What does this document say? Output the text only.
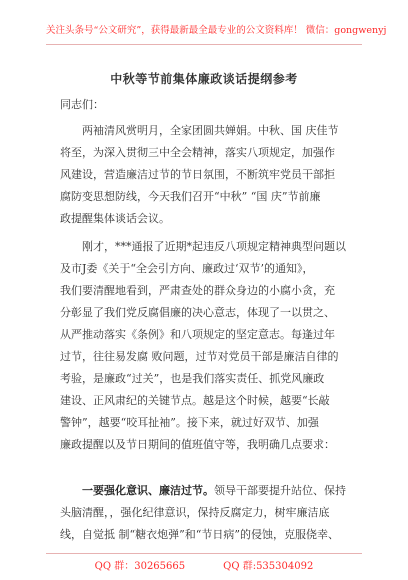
关注头条号“公文研究”，获得最新最全最专业的公文资料库！ 微信：gongwenyj
中秋等节前集体廉政谈话提纲参考
同志们：
两袖清风赏明月，全家团圆共婵娟。中秋、国 庆佳节
将至，为深入贯彻三中全会精神，落实八项规定，加强作
风建设，营造廉洁过节的节日氛围，不断筑牢党员干部拒
腐防变思想防线，今天我们召开“中秋” “国 庆”节前廉
政提醒集体谈话会议。
刚才，***通报了近期*起违反八项规定精神典型问题以
及市J委《关于“全会引方向、廉政过‘双节’的通知》，
我们要清醒地看到，严肃查处的群众身边的小腐小贪，充
分彰显了我们党反腐倡廉的决心意志，体现了一以贯之、
从严推动落实《条例》和八项规定的坚定意志。每逢过年
过节，往往易发腐 败问题，过节对党员干部是廉洁自律的
考验，是廉政“过关”，也是我们落实责任、抓党风廉政
建设、正风肃纪的关键节点。越是这个时候，越要“长敲
警钟”，越要“咬耳扯袖”。接下来，就过好双节、加强
廉政提醒以及节日期间的值班值守等，我明确几点要求：
一要强化意识、廉洁过节。领导干部要提升站位、保持
头脑清醒，，强化纪律意识，保持反腐定力，树牢廉洁底
线，自觉抵 制“糖衣炮弹”和“节日病”的侵蚀，克服侥幸、
QQ 群：30265665	QQ 群:535304092
